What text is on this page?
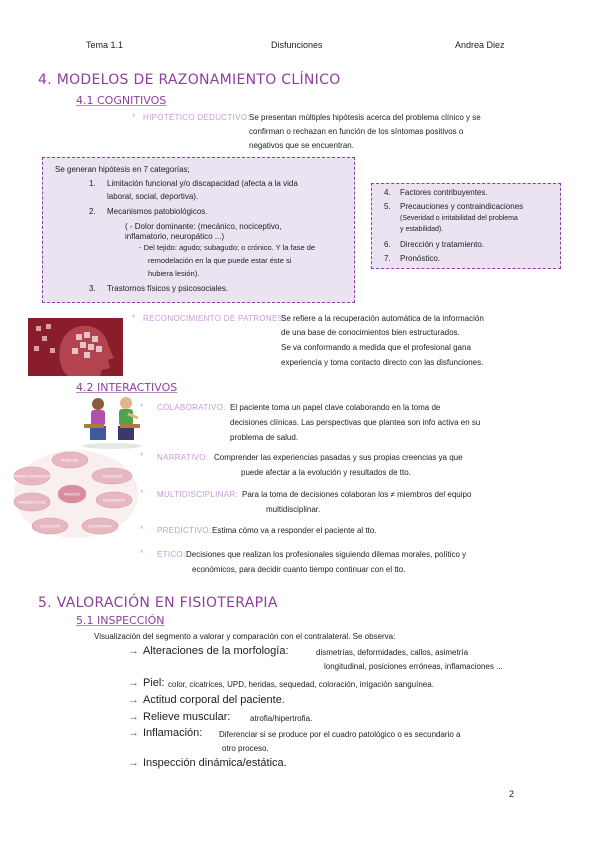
Tema 1.1	Disfunciones	Andrea Diez
4. MODELOS DE RAZONAMIENTO CLÍNICO
4.1 COGNITIVOS
* HIPOTÉTICO DEDUCTIVO: Se presentan múltiples hipótesis acerca del problema clínico y se
confirman o rechazan en función de los síntomas positivos o
negativos que se encuentran.
Se generan hipótesis en 7 categorías;
1. Limitación funcional y/o discapacidad (afecta a la vida
laboral, social, deportiva).
2. Mecanismos patobiológicos.
( - Dolor dominante: (mecánico, nociceptivo,
inflamatorio, neuropático ...)
- Del tejido: agudo; subagudo; o crónico. Y la fase de
remodelación en la que puede estar éste si
hubiera lesión).
3. Trastornos físicos y psicosociales.
4. Factores contribuyentes.
5. Precauciones y contraindicaciones
(Severidad o irritabilidad del problema
y estabilidad).
6. Dirección y tratamiento.
7. Pronóstico.
* RECONOCIMIENTO DE PATRONES:
Se refiere a la recuperación automática de la información
de una base de conocimientos bien estructurados.
Se va conformando a medida que el profesional gana
experiencia y toma contacto directo con las disfunciones.
4.2 INTERACTIVOS
* COLABORATIVO: El paciente toma un papel clave colaborando en la toma de
decisiones clínicas. Las perspectivas que plantea son info activa en su
problema de salud.
MEDICINA
TERAPIA OCUPACIONAL	PSICOLOGÍA
TRABAJO SOCIAL
PACIENTE
ENFERMERÍA
LOGOPEDIA	FISIOTERAPIA
* NARRATIVO: Comprender las experiencias pasadas y sus propias creencias ya que
puede afectar a la evolución y resultados de tto.
* MULTIDISCIPLINAR: Para la toma de decisiones colaboran los ≠ miembros del equipo
multidisciplinar.
* PREDICTIVO: Estima cómo va a responder el paciente al tto.
* ÉTICO: Decisiones que realizan los profesionales siguiendo dilemas morales, político y
económicos, para decidir cuanto tiempo continuar con el tto.
5. VALORACIÓN EN FISIOTERAPIA
5.1 INSPECCIÓN
Visualización del segmento a valorar y comparación con el contralateral. Se observa:
→ Alteraciones de la morfología:	dismetrías, deformidades, callos, asimetría
longitudinal, posiciones erróneas, inflamaciones ...
→ Piel: color, cicatrices, UPD, heridas, sequedad, coloración, irrigación sanguínea.
→ Actitud corporal del paciente.
→ Relieve muscular: atrofia/hipertrofia.
→ Inflamación: Diferenciar si se produce por el cuadro patológico o es secundario a
otro proceso.
→ Inspección dinámica/estática.
2
